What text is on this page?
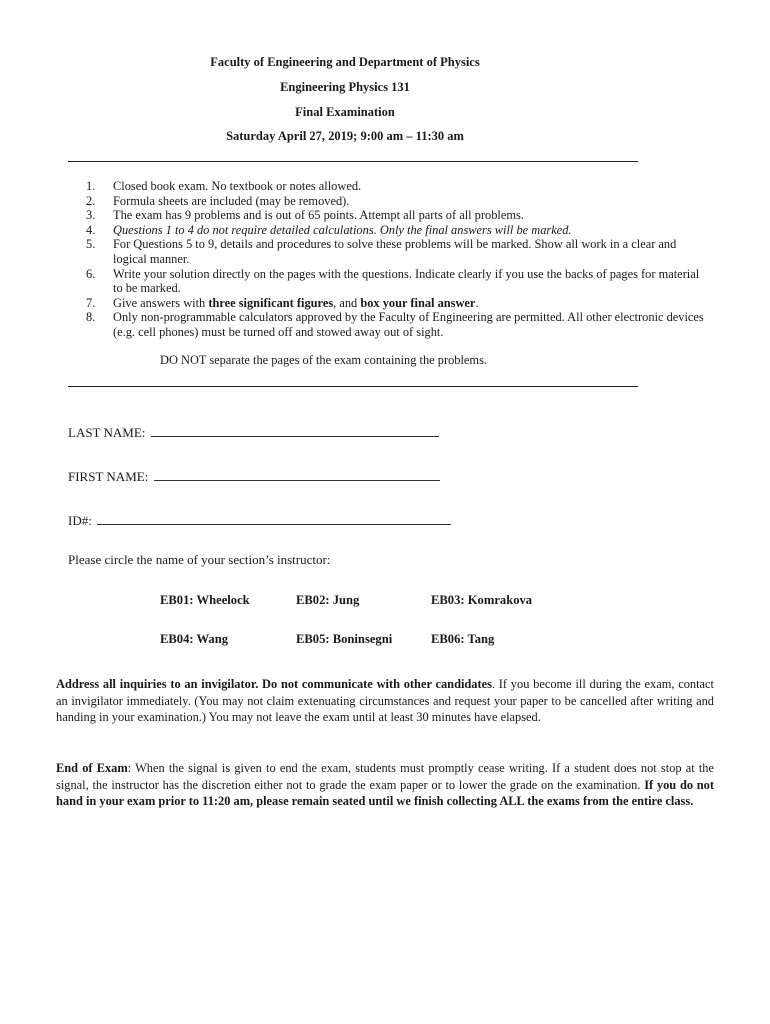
Faculty of Engineering and Department of Physics
Engineering Physics 131
Final Examination
Saturday April 27, 2019; 9:00 am – 11:30 am
1. Closed book exam. No textbook or notes allowed.
2. Formula sheets are included (may be removed).
3. The exam has 9 problems and is out of 65 points. Attempt all parts of all problems.
4. Questions 1 to 4 do not require detailed calculations. Only the final answers will be marked.
5. For Questions 5 to 9, details and procedures to solve these problems will be marked. Show all work in a clear and logical manner.
6. Write your solution directly on the pages with the questions. Indicate clearly if you use the backs of pages for material to be marked.
7. Give answers with three significant figures, and box your final answer.
8. Only non-programmable calculators approved by the Faculty of Engineering are permitted. All other electronic devices (e.g. cell phones) must be turned off and stowed away out of sight.
DO NOT separate the pages of the exam containing the problems.
LAST NAME:
FIRST NAME:
ID#:
Please circle the name of your section’s instructor:
EB01: Wheelock	EB02: Jung	EB03: Komrakova
EB04: Wang	EB05: Boninsegni	EB06: Tang

Address all inquiries to an invigilator. Do not communicate with other candidates. If you become ill during the exam, contact an invigilator immediately. (You may not claim extenuating circumstances and request your paper to be cancelled after writing and handing in your examination.) You may not leave the exam until at least 30 minutes have elapsed.

End of Exam: When the signal is given to end the exam, students must promptly cease writing. If a student does not stop at the signal, the instructor has the discretion either not to grade the exam paper or to lower the grade on the examination. If you do not hand in your exam prior to 11:20 am, please remain seated until we finish collecting ALL the exams from the entire class.
